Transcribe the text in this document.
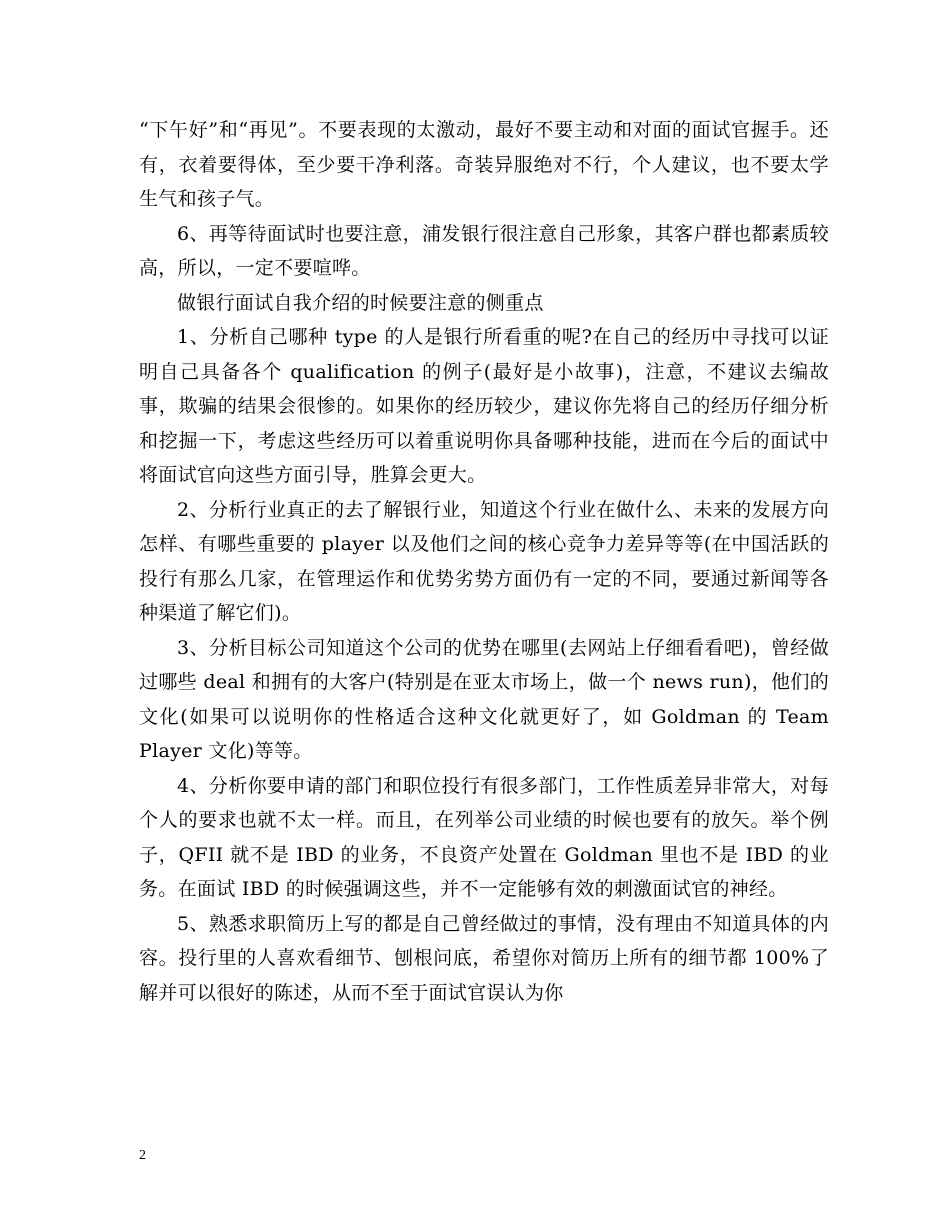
“下午好”和“再见”。不要表现的太激动，最好不要主动和对面的面试官握手。还有，衣着要得体，至少要干净利落。奇装异服绝对不行，个人建议，也不要太学生气和孩子气。

6、再等待面试时也要注意，浦发银行很注意自己形象，其客户群也都素质较高，所以，一定不要喧哗。

做银行面试自我介绍的时候要注意的侧重点

1、分析自己哪种 type 的人是银行所看重的呢?在自己的经历中寻找可以证明自己具备各个 qualification 的例子(最好是小故事)，注意，不建议去编故事，欺骗的结果会很惨的。如果你的经历较少，建议你先将自己的经历仔细分析和挖掘一下，考虑这些经历可以着重说明你具备哪种技能，进而在今后的面试中将面试官向这些方面引导，胜算会更大。

2、分析行业真正的去了解银行业，知道这个行业在做什么、未来的发展方向怎样、有哪些重要的 player 以及他们之间的核心竞争力差异等等(在中国活跃的投行有那么几家，在管理运作和优势劣势方面仍有一定的不同，要通过新闻等各种渠道了解它们)。

3、分析目标公司知道这个公司的优势在哪里(去网站上仔细看看吧)，曾经做过哪些 deal 和拥有的大客户(特别是在亚太市场上，做一个 news run)，他们的文化(如果可以说明你的性格适合这种文化就更好了，如 Goldman 的 Team Player 文化)等等。

4、分析你要申请的部门和职位投行有很多部门，工作性质差异非常大，对每个人的要求也就不太一样。而且，在列举公司业绩的时候也要有的放矢。举个例子，QFII 就不是 IBD 的业务，不良资产处置在 Goldman 里也不是 IBD 的业务。在面试 IBD 的时候强调这些，并不一定能够有效的刺激面试官的神经。

5、熟悉求职简历上写的都是自己曾经做过的事情，没有理由不知道具体的内容。投行里的人喜欢看细节、刨根问底，希望你对简历上所有的细节都 100%了解并可以很好的陈述，从而不至于面试官误认为你

2
